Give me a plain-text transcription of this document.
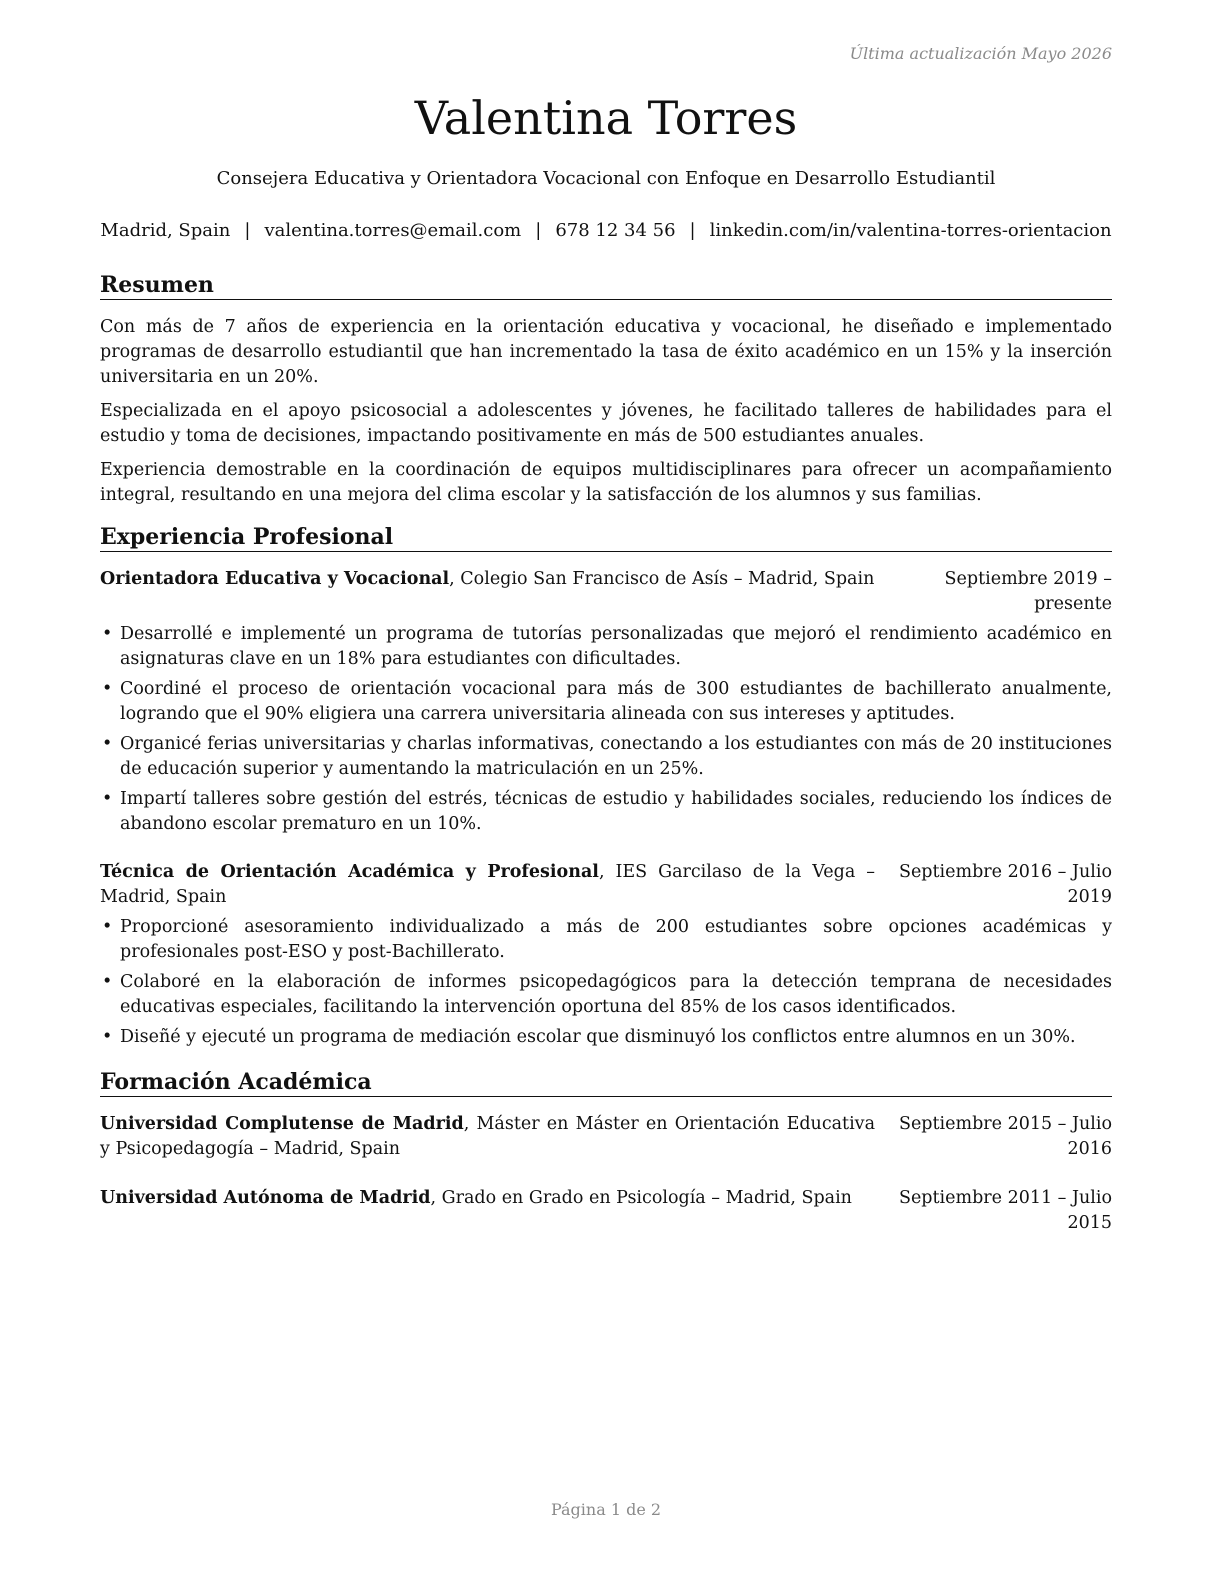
Última actualización Mayo 2026
Valentina Torres
Consejera Educativa y Orientadora Vocacional con Enfoque en Desarrollo Estudiantil
Madrid, Spain | valentina.torres@email.com | 678 12 34 56 | linkedin.com/in/valentina-torres-orientacion
Resumen

Con más de 7 años de experiencia en la orientación educativa y vocacional, he diseñado e implementado programas de desarrollo estudiantil que han incrementado la tasa de éxito académico en un 15% y la inserción universitaria en un 20%.

Especializada en el apoyo psicosocial a adolescentes y jóvenes, he facilitado talleres de habilidades para el estudio y toma de decisiones, impactando positivamente en más de 500 estudiantes anuales.

Experiencia demostrable en la coordinación de equipos multidisciplinares para ofrecer un acompañamiento integral, resultando en una mejora del clima escolar y la satisfacción de los alumnos y sus familias.

Experiencia Profesional
Orientadora Educativa y Vocacional, Colegio San Francisco de Asís – Madrid, Spain	Septiembre 2019 – presente
• Desarrollé e implementé un programa de tutorías personalizadas que mejoró el rendimiento académico en asignaturas clave en un 18% para estudiantes con dificultades.
• Coordiné el proceso de orientación vocacional para más de 300 estudiantes de bachillerato anualmente, logrando que el 90% eligiera una carrera universitaria alineada con sus intereses y aptitudes.
• Organicé ferias universitarias y charlas informativas, conectando a los estudiantes con más de 20 instituciones de educación superior y aumentando la matriculación en un 25%.
• Impartí talleres sobre gestión del estrés, técnicas de estudio y habilidades sociales, reduciendo los índices de abandono escolar prematuro en un 10%.
Técnica de Orientación Académica y Profesional, IES Garcilaso de la Vega – Madrid, Spain
Septiembre 2016 – Julio 2019
• Proporcioné asesoramiento individualizado a más de 200 estudiantes sobre opciones académicas y profesionales post-ESO y post-Bachillerato.
• Colaboré en la elaboración de informes psicopedagógicos para la detección temprana de necesidades educativas especiales, facilitando la intervención oportuna del 85% de los casos identificados.
• Diseñé y ejecuté un programa de mediación escolar que disminuyó los conflictos entre alumnos en un 30%.
Formación Académica
Universidad Complutense de Madrid, Máster en Máster en Orientación Educativa y Psicopedagogía – Madrid, Spain
Septiembre 2015 – Julio 2016
Universidad Autónoma de Madrid, Grado en Grado en Psicología – Madrid, Spain	Septiembre 2011 – Julio 2015
Página 1 de 2
